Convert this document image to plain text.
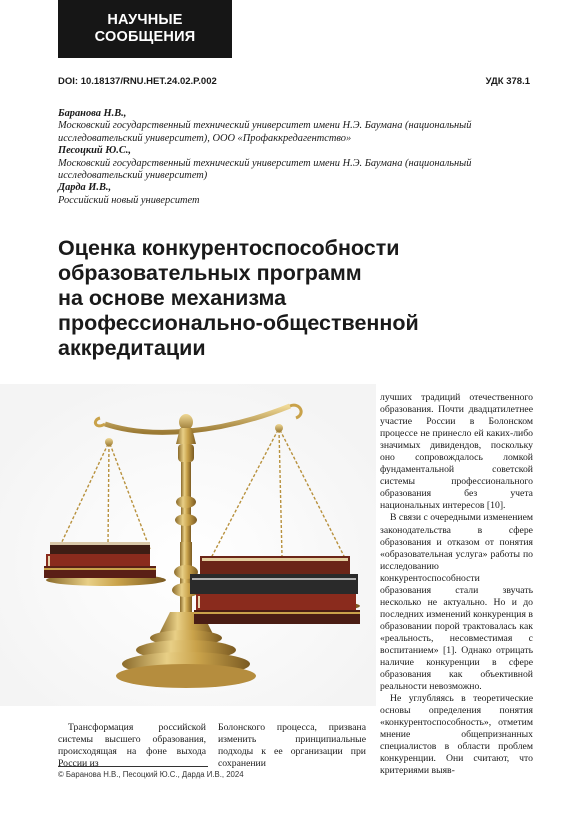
НАУЧНЫЕ
СООБЩЕНИЯ
DOI: 10.18137/RNU.HET.24.02.P.002	УДК 378.1
Баранова Н.В.,
Московский государственный технический университет имени Н.Э. Баумана (национальный исследовательский университет), ООО «Профаккредагентство»
Песоцкий Ю.С.,
Московский государственный технический университет имени Н.Э. Баумана (национальный исследовательский университет)
Дарда И.В.,
Российский новый университет
Оценка конкурентоспособности
образовательных программ
на основе механизма
профессионально-общественной
аккредитации

лучших традиций отечественного образования. Почти двадцатилетнее участие России в Болонском процессе не принесло ей каких-либо значимых дивидендов, поскольку оно сопровождалось ломкой фундаментальной советской системы профессионального образования без учета национальных интересов [10].

В связи с очередными изменением законодательства в сфере образования и отказом от понятия «образовательная услуга» работы по исследованию конкурентоспособности образования стали звучать несколько не актуально. Но и до последних изменений конкуренция в образовании порой трактовалась как «реальность, несовместимая с воспитанием» [1]. Однако отрицать наличие конкуренции в сфере образования как объективной реальности невозможно.

Не углубляясь в теоретические основы определения понятия «конкурентоспособность», отметим мнение общепризнанных специалистов в области проблем конкуренции. Они считают, что критериями выяв-

Трансформация российской системы высшего образования, происходящая на фоне выхода России из
Болонского процесса, призвана изменить принципиальные подходы к ее организации при сохранении
© Баранова Н.В., Песоцкий Ю.С., Дарда И.В., 2024
